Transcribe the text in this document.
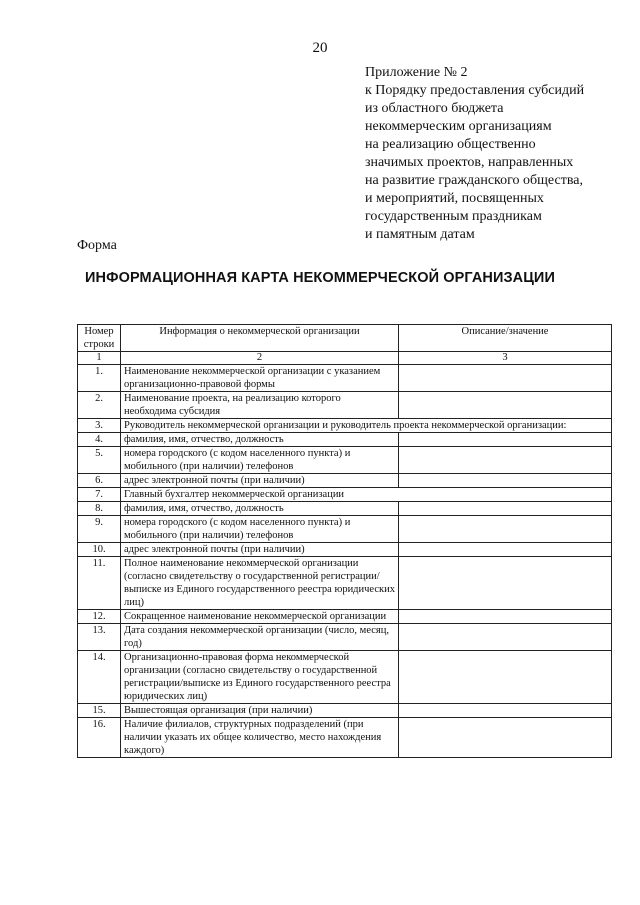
20
Приложение № 2
к Порядку предоставления субсидий
из областного бюджета
некоммерческим организациям
на реализацию общественно
значимых проектов, направленных
на развитие гражданского общества,
и мероприятий, посвященных
государственным праздникам
и памятным датам
Форма
ИНФОРМАЦИОННАЯ КАРТА НЕКОММЕРЧЕСКОЙ ОРГАНИЗАЦИИ
Номер строки	Информация о некоммерческой организации	Описание/значение
1	2	3
1.	Наименование некоммерческой организации с указанием организационно-правовой формы	
2.	Наименование проекта, на реализацию которого необходима субсидия	
3.	Руководитель некоммерческой организации и руководитель проекта некоммерческой организации:	
4.	фамилия, имя, отчество, должность	
5.	номера городского (с кодом населенного пункта) и мобильного (при наличии) телефонов	
6.	адрес электронной почты (при наличии)	
7.	Главный бухгалтер некоммерческой организации	
8.	фамилия, имя, отчество, должность	
9.	номера городского (с кодом населенного пункта) и мобильного (при наличии) телефонов	
10.	адрес электронной почты (при наличии)	
11.	Полное наименование некоммерческой организации (согласно свидетельству о государственной регистрации/выписке из Единого государственного реестра юридических лиц)	
12.	Сокращенное наименование некоммерческой организации	
13.	Дата создания некоммерческой организации (число, месяц, год)	
14.	Организационно-правовая форма некоммерческой организации (согласно свидетельству о государственной регистрации/выписке из Единого государственного реестра юридических лиц)	
15.	Вышестоящая организация (при наличии)	
16.	Наличие филиалов, структурных подразделений (при наличии указать их общее количество, место нахождения каждого)	
